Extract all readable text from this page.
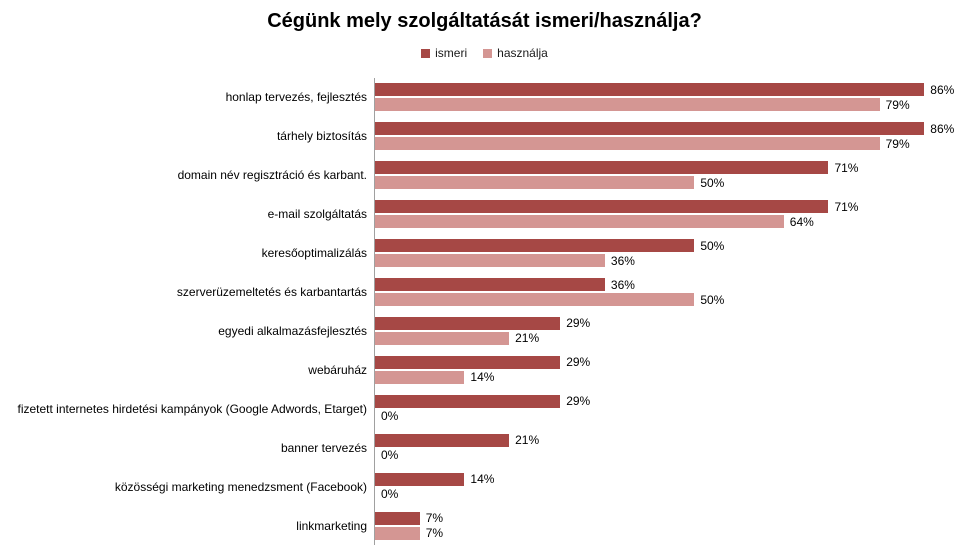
Cégünk mely szolgáltatását ismeri/használja?
ismeri	használja
honlap tervezés, fejlesztés
86%
79%
tárhely biztosítás
86%
79%
domain név regisztráció és karbant.
71%
50%
e-mail szolgáltatás
71%
64%
keresőoptimalizálás
50%
36%
szerverüzemeltetés és karbantartás
36%
50%
egyedi alkalmazásfejlesztés
29%
21%
webáruház
29%
14%
fizetett internetes hirdetési kampányok (Google Adwords, Etarget)
29%
0%
banner tervezés
21%
0%
közösségi marketing menedzsment (Facebook)
14%
0%
linkmarketing
7%
7%
